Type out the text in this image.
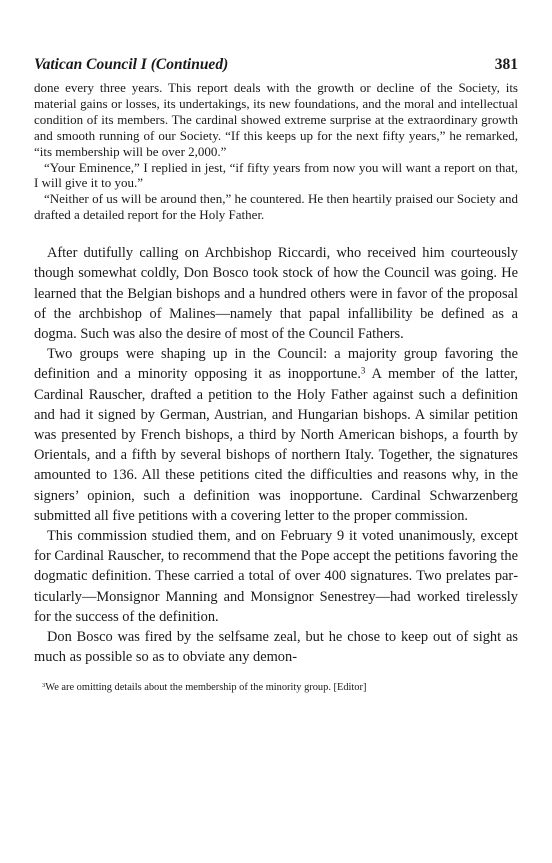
Vatican Council I (Continued)	381

done every three years. This report deals with the growth or decline of the Society, its material gains or losses, its undertakings, its new foundations, and the moral and intellectual condition of its members. The cardinal showed extreme surprise at the extraordinary growth and smooth running of our Society. “If this keeps up for the next fifty years,” he remarked, “its membership will be over 2,000.”

“Your Eminence,” I replied in jest, “if fifty years from now you will want a report on that, I will give it to you.”

“Neither of us will be around then,” he countered. He then heartily praised our Society and drafted a detailed report for the Holy Father.

After dutifully calling on Archbishop Riccardi, who received him courteously though somewhat coldly, Don Bosco took stock of how the Council was going. He learned that the Belgian bishops and a hundred others were in favor of the proposal of the archbishop of Malines—namely that papal infallibility be defined as a dogma. Such was also the desire of most of the Council Fathers.

Two groups were shaping up in the Council: a majority group favoring the definition and a minority opposing it as inopportune.$^3$ A member of the latter, Cardinal Rauscher, drafted a petition to the Holy Father against such a definition and had it signed by German, Austrian, and Hungarian bishops. A similar petition was presented by French bishops, a third by North American bishops, a fourth by Orientals, and a fifth by several bishops of northern Italy. Together, the signatures amounted to 136. All these petitions cited the difficulties and reasons why, in the signers’ opinion, such a definition was inopportune. Cardinal Schwarzenberg submitted all five petitions with a covering letter to the proper commission.

This commission studied them, and on February 9 it voted unanimously, except for Cardinal Rauscher, to recommend that the Pope accept the petitions favoring the dogmatic definition. These carried a total of over 400 signatures. Two prelates particularly—Monsignor Manning and Monsignor Senestrey—had worked tirelessly for the success of the definition.

Don Bosco was fired by the selfsame zeal, but he chose to keep out of sight as much as possible so as to obviate any demon-

$^3$We are omitting details about the membership of the minority group. [Editor]
